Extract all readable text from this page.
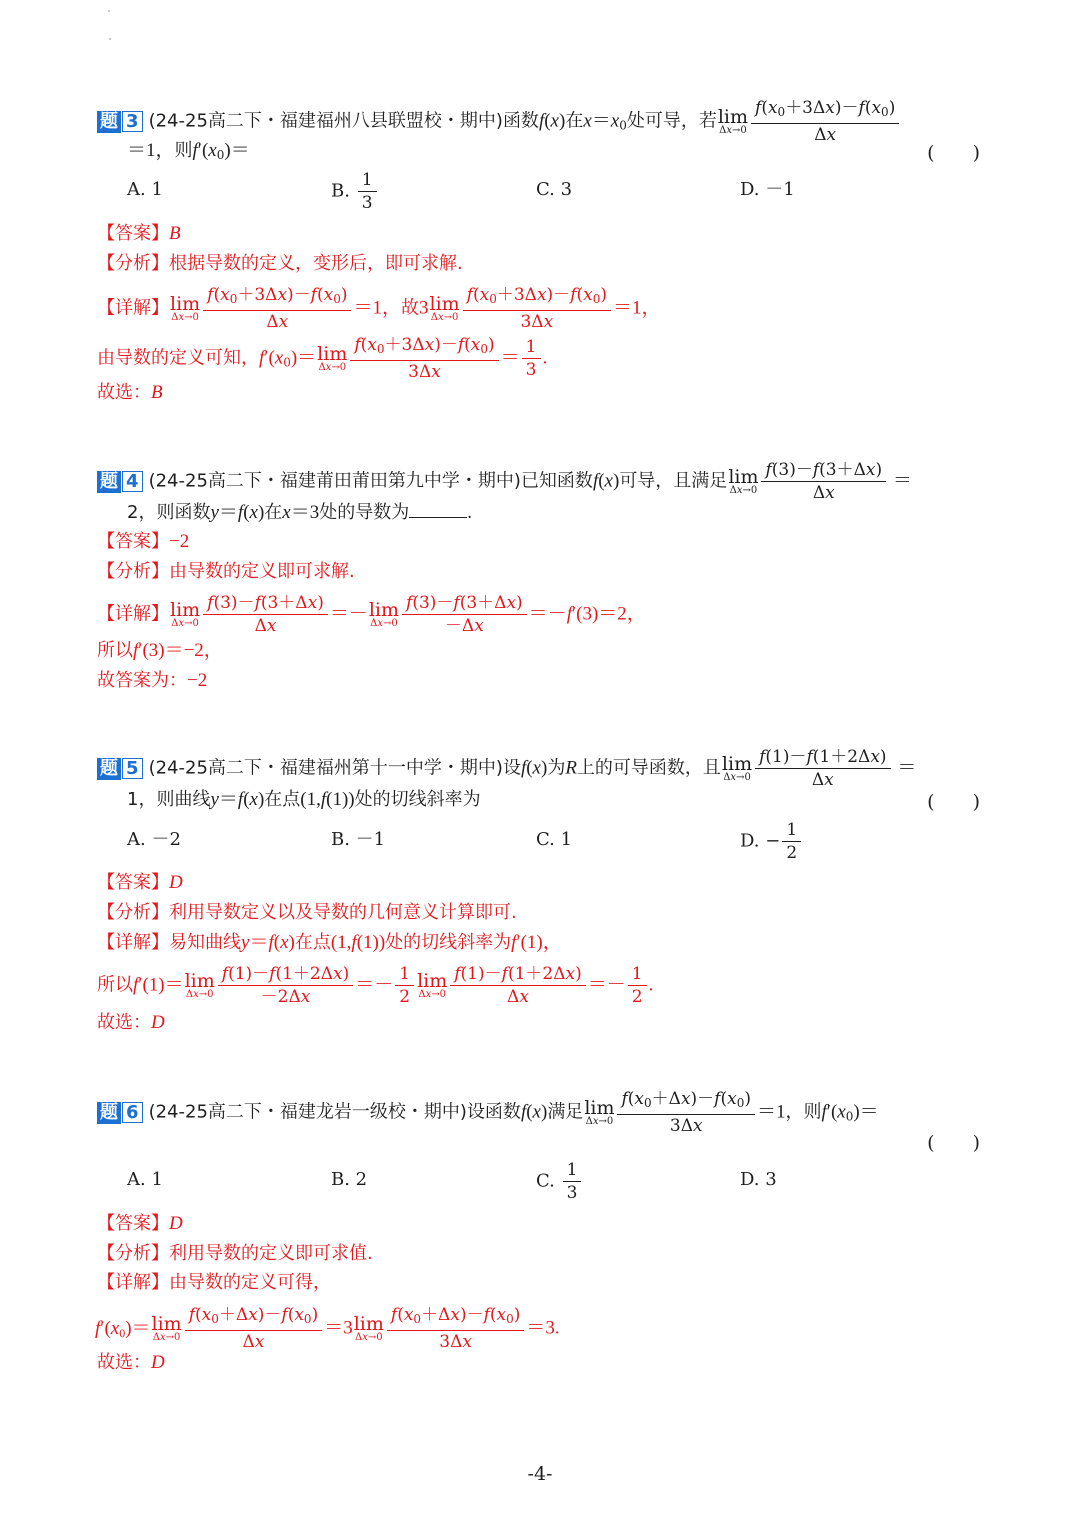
题 3 (24-25高二下・福建福州八县联盟校・期中)函数f(x)在$x=x_0$处可导，若 lim
$\Delta x\to 0 \frac{f(x_0+3\Delta x)-f(x_0)}{\Delta x}$
＝1，则$f'(x_0)=$	(　　)
A. 1	B. $\frac{1}{3}$	C. 3	D. －1
【答案】B
【分析】根据导数的定义，变形后，即可求解.
【详解】 lim
$\Delta x\to 0 \frac{f(x_0+3\Delta x)-f(x_0)}{\Delta x} =1$，故3 lim
$\Delta x\to 0 \frac{f(x_0+3\Delta x)-f(x_0)}{3\Delta x} =1$，
由导数的定义可知，$f'(x_0)= \lim$
$\Delta x\to 0 \frac{f(x_0+3\Delta x)-f(x_0)}{3\Delta x} = \frac{1}{3}$ .
故选：B
题 4 (24-25高二下・福建莆田莆田第九中学・期中)已知函数f(x)可导，且满足 lim
$\Delta x\to 0 \frac{f(3)-f(3+\Delta x)}{\Delta x}$ ＝
2，则函数y＝f(x)在x＝3处的导数为	.
【答案】−2
【分析】由导数的定义即可求解.
【详解】 lim
$\Delta x\to 0 \frac{f(3)-f(3+\Delta x)}{\Delta x} =- \lim$
$\Delta x\to 0 \frac{f(3)-f(3+\Delta x)}{-\Delta x} =-f'(3)=2$，
所以f′(3)＝−2，
故答案为：−2
题 5 (24-25高二下・福建福州第十一中学・期中)设f(x)为R上的可导函数，且 lim
$\Delta x\to 0 \frac{f(1)-f(1+2\Delta x)}{\Delta x}$ ＝
1，则曲线y＝f(x)在点(1,f(1))处的切线斜率为	(　　)
A. －2	B. －1	C. 1	D. − $\frac{1}{2}$
【答案】D
【分析】利用导数定义以及导数的几何意义计算即可.
【详解】易知曲线y＝f(x)在点(1,f(1))处的切线斜率为f′(1)，
所以f′(1)＝ lim
$\Delta x\to 0 \frac{f(1)-f(1+2\Delta x)}{-2\Delta x} =- \frac{1}{2}$ lim
$\Delta x\to 0 \frac{f(1)-f(1+2\Delta x)}{\Delta x} =- \frac{1}{2}$ .
故选：D
题 6 (24-25高二下・福建龙岩一级校・期中)设函数f(x)满足 lim
$\Delta x\to 0 \frac{f(x_0+\Delta x)-f(x_0)}{3\Delta x} =1$，则$f'(x_0)=$
(　　)
A. 1	B. 2	C. $\frac{1}{3}$	D. 3
【答案】D
【分析】利用导数的定义即可求值.
【详解】由导数的定义可得，
$f'(x_0)= \lim$
$\Delta x\to 0 \frac{f(x_0+\Delta x)-f(x_0)}{\Delta x} =3$ lim
$\Delta x\to 0 \frac{f(x_0+\Delta x)-f(x_0)}{3\Delta x} =3$.
故选：D
-4-
